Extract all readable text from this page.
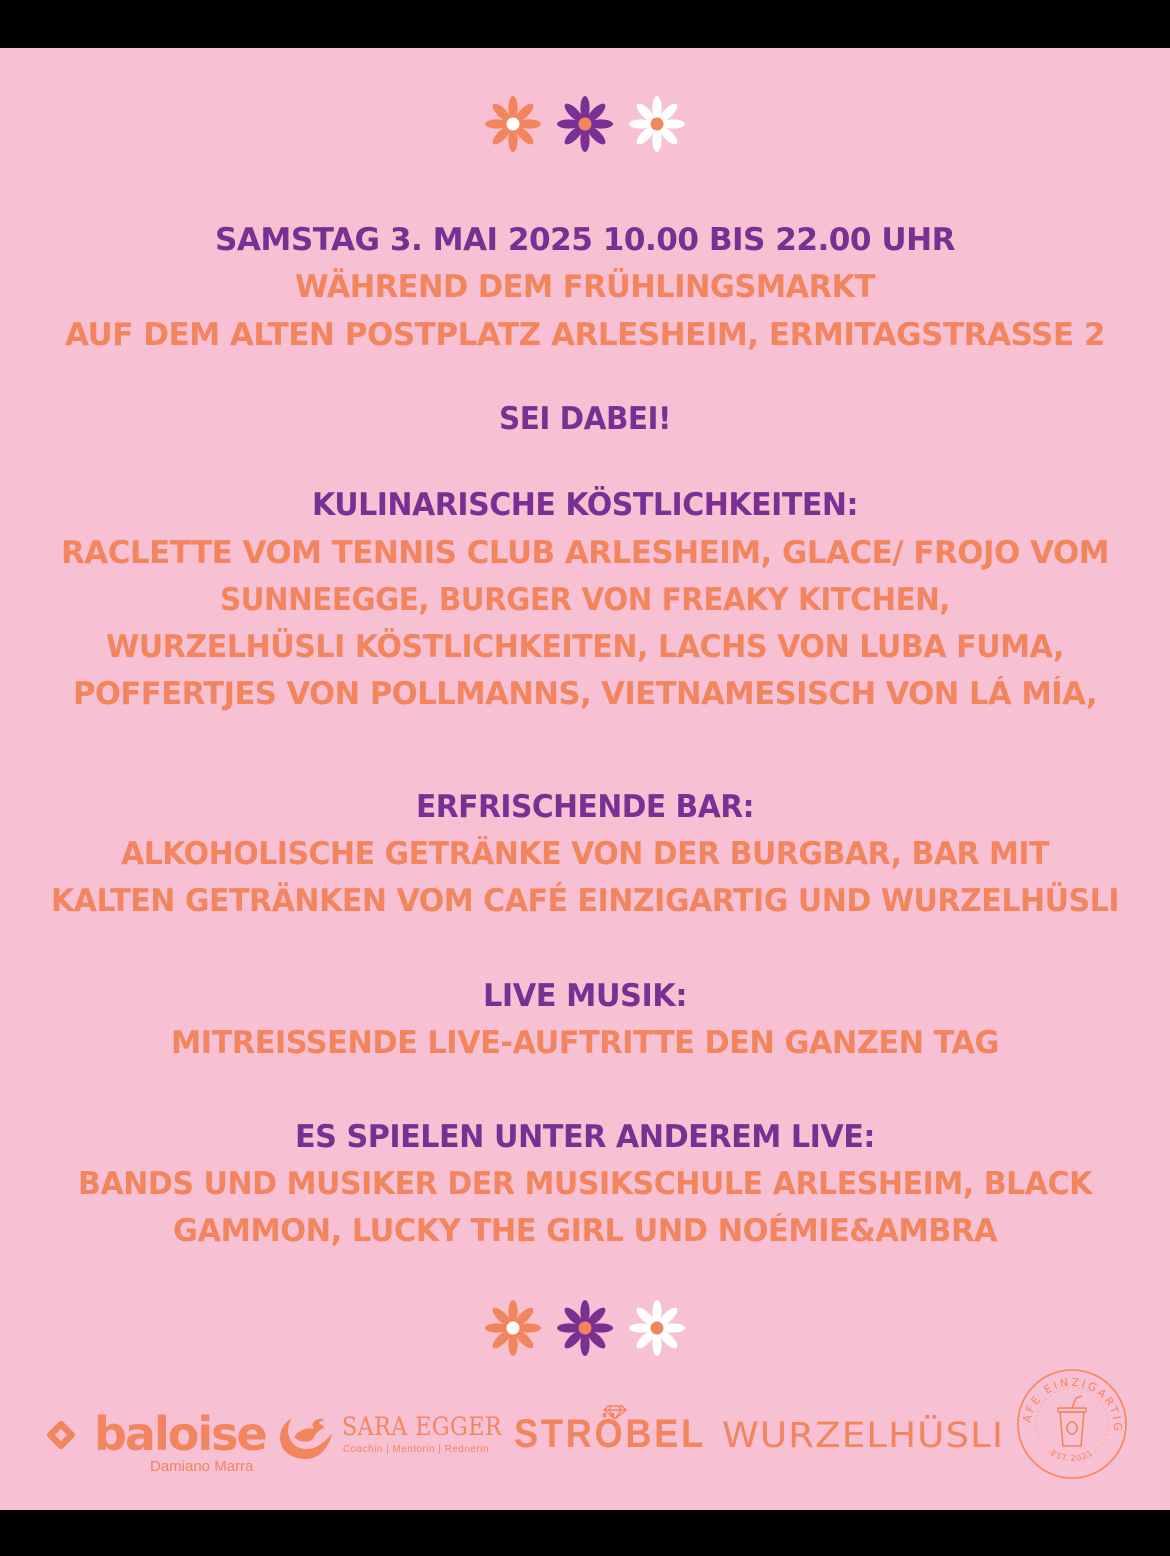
SAMSTAG 3. MAI 2025 10.00 BIS 22.00 UHR
WÄHREND DEM FRÜHLINGSMARKT
AUF DEM ALTEN POSTPLATZ ARLESHEIM, ERMITAGSTRASSE 2
SEI DABEI!
KULINARISCHE KÖSTLICHKEITEN:
RACLETTE VOM TENNIS CLUB ARLESHEIM, GLACE/ FROJO VOM
SUNNEEGGE, BURGER VON FREAKY KITCHEN,
WURZELHÜSLI KÖSTLICHKEITEN, LACHS VON LUBA FUMA,
POFFERTJES VON POLLMANNS, VIETNAMESISCH VON LÁ MÍA,
ERFRISCHENDE BAR:
ALKOHOLISCHE GETRÄNKE VON DER BURGBAR, BAR MIT
KALTEN GETRÄNKEN VOM CAFÉ EINZIGARTIG UND WURZELHÜSLI
LIVE MUSIK:
MITREISSENDE LIVE-AUFTRITTE DEN GANZEN TAG
ES SPIELEN UNTER ANDEREM LIVE:
BANDS UND MUSIKER DER MUSIKSCHULE ARLESHEIM, BLACK
GAMMON, LUCKY THE GIRL UND NOÉMIE&AMBRA
baloise
Damiano Marra
SARA EGGER
Coachin | Mentorin | Rednerin STRÖBEL WURZELHÜSLI	AFE EINZIGARTIG
EST 2021
